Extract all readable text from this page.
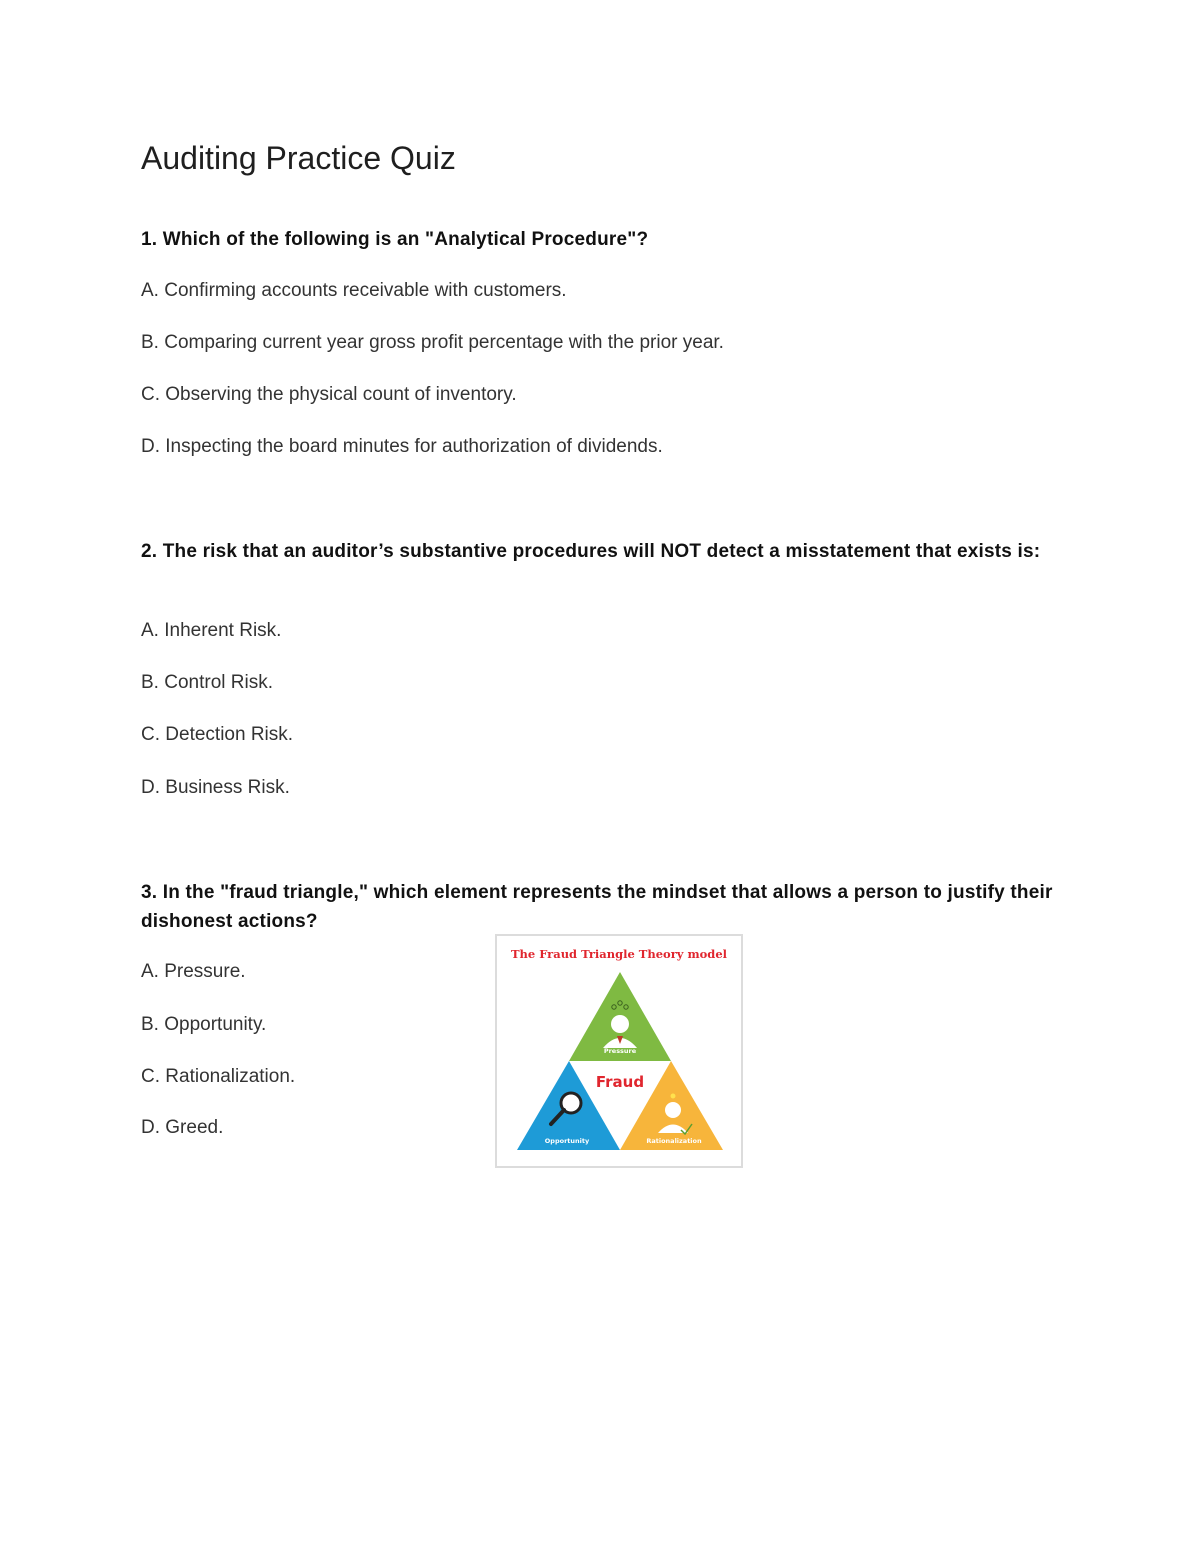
Auditing Practice Quiz
1. Which of the following is an "Analytical Procedure"?
A. Confirming accounts receivable with customers.
B. Comparing current year gross profit percentage with the prior year.
C. Observing the physical count of inventory.
D. Inspecting the board minutes for authorization of dividends.
2. The risk that an auditor’s substantive procedures will NOT detect a misstatement that exists is:
A. Inherent Risk.
B. Control Risk.
C. Detection Risk.
D. Business Risk.
3. In the "fraud triangle," which element represents the mindset that allows a person to justify their dishonest actions?
A. Pressure.
B. Opportunity.
C. Rationalization.
D. Greed.
The Fraud Triangle Theory model
Pressure
Fraud
Opportunity	Rationalization
